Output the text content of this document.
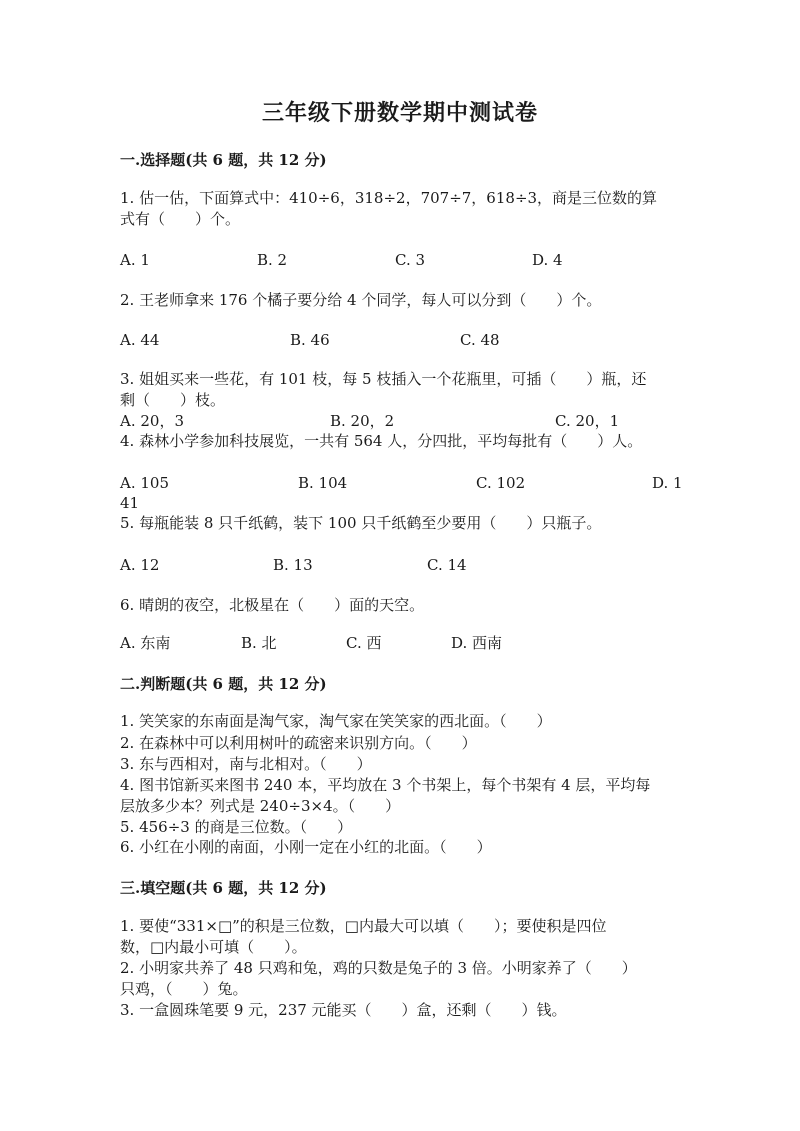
三年级下册数学期中测试卷
一.选择题(共 6 题，共 12 分)
1. 估一估，下面算式中：410÷6，318÷2，707÷7，618÷3，商是三位数的算
式有（　　）个。
A. 1	B. 2	C. 3	D. 4
2. 王老师拿来 176 个橘子要分给 4 个同学，每人可以分到（　　）个。
A. 44	B. 46	C. 48
3. 姐姐买来一些花，有 101 枝，每 5 枝插入一个花瓶里，可插（　　）瓶，还
剩（　　）枝。
A. 20，3	B. 20，2	C. 20，1
4. 森林小学参加科技展览，一共有 564 人，分四批，平均每批有（　　）人。
A. 105	B. 104	C. 102	D. 1
41
5. 每瓶能装 8 只千纸鹤，装下 100 只千纸鹤至少要用（　　）只瓶子。
A. 12	B. 13	C. 14
6. 晴朗的夜空，北极星在（　　）面的天空。
A. 东南	B. 北	C. 西	D. 西南
二.判断题(共 6 题，共 12 分)
1. 笑笑家的东南面是淘气家，淘气家在笑笑家的西北面。（　　）
2. 在森林中可以利用树叶的疏密来识别方向。（　　）
3. 东与西相对，南与北相对。（　　）
4. 图书馆新买来图书 240 本，平均放在 3 个书架上，每个书架有 4 层，平均每
层放多少本？列式是 240÷3×4。（　　）
5. 456÷3 的商是三位数。（　　）
6. 小红在小刚的南面，小刚一定在小红的北面。（　　）
三.填空题(共 6 题，共 12 分)
1. 要使“331×□”的积是三位数，□内最大可以填（　　）；要使积是四位
数，□内最小可填（　　）。
2. 小明家共养了 48 只鸡和兔，鸡的只数是兔子的 3 倍。小明家养了（　　）
只鸡，（　　）兔。
3. 一盒圆珠笔要 9 元，237 元能买（　　）盒，还剩（　　）钱。
